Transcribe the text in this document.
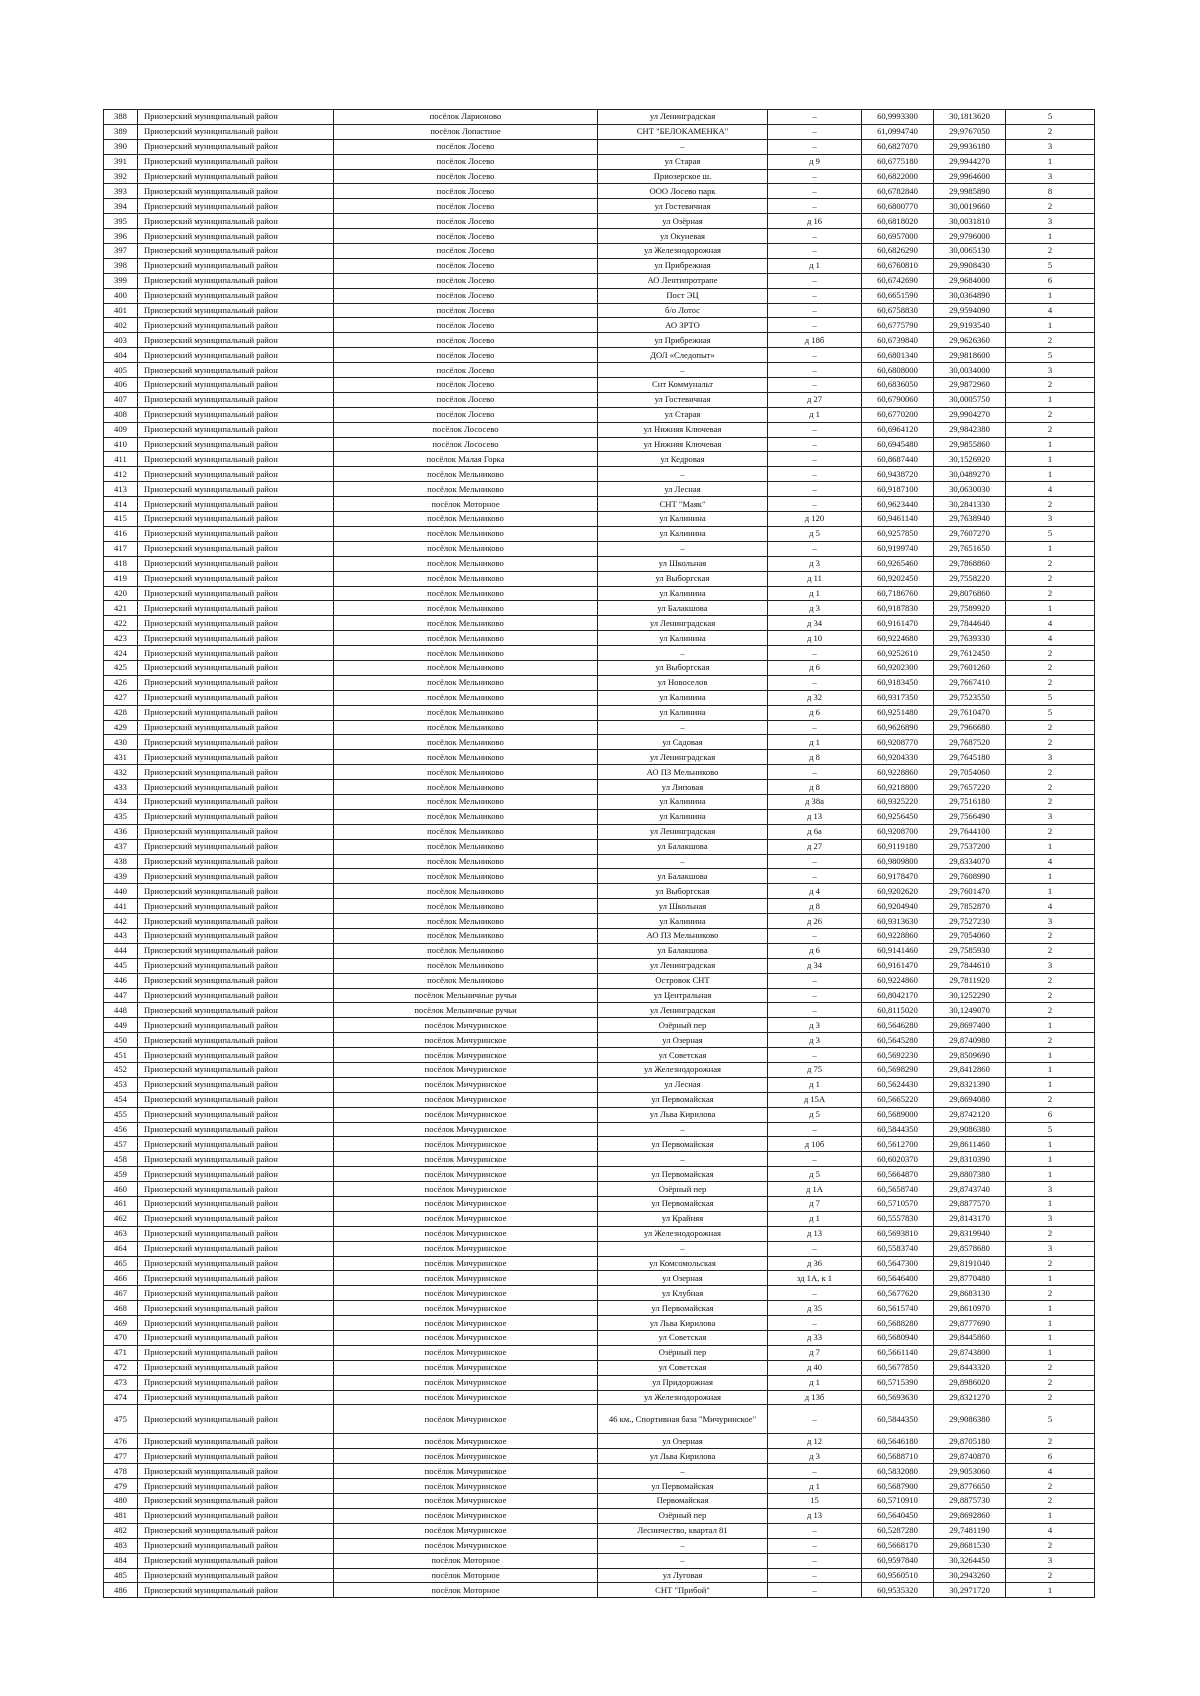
388	Приозерский муниципальный район	посёлок Ларионово	ул Ленинградская	–	60,9993300	30,1813620	5
389	Приозерский муниципальный район	посёлок Лопастное	СНТ "БЕЛОКАМЕНКА"	–	61,0994740	29,9767050	2
390	Приозерский муниципальный район	посёлок Лосево	–	–	60,6827070	29,9936180	3
391	Приозерский муниципальный район	посёлок Лосево	ул Старая	д 9	60,6775180	29,9944270	1
392	Приозерский муниципальный район	посёлок Лосево	Приозерское ш.	–	60,6822000	29,9964600	3
393	Приозерский муниципальный район	посёлок Лосево	ООО Лосево парк	–	60,6782840	29,9985890	8
394	Приозерский муниципальный район	посёлок Лосево	ул Гостевичная	–	60,6800770	30,0019660	2
395	Приозерский муниципальный район	посёлок Лосево	ул Озёрная	д 16	60,6818020	30,0031810	3
396	Приозерский муниципальный район	посёлок Лосево	ул Окуневая	–	60,6957000	29,9796000	1
397	Приозерский муниципальный район	посёлок Лосево	ул Железнодорожная	–	60,6826290	30,0065130	2
398	Приозерский муниципальный район	посёлок Лосево	ул Прибрежная	д 1	60,6760810	29,9908430	5
399	Приозерский муниципальный район	посёлок Лосево	АО Лентипротрапе	–	60,6742690	29,9684000	6
400	Приозерский муниципальный район	посёлок Лосево	Пост ЭЦ	–	60,6651590	30,0364890	1
401	Приозерский муниципальный район	посёлок Лосево	б/о Лотос	–	60,6758830	29,9594090	4
402	Приозерский муниципальный район	посёлок Лосево	АО ЗРТО	–	60,6775790	29,9193540	1
403	Приозерский муниципальный район	посёлок Лосево	ул Прибрежная	д 18б	60,6739840	29,9626360	2
404	Приозерский муниципальный район	посёлок Лосево	ДОЛ «Следопыт»	–	60,6801340	29,9818600	5
405	Приозерский муниципальный район	посёлок Лосево	–	–	60,6808000	30,0034000	3
406	Приозерский муниципальный район	посёлок Лосево	Снт Коммунальт	–	60,6836050	29,9872960	2
407	Приозерский муниципальный район	посёлок Лосево	ул Гостевичная	д 27	60,6790060	30,0005750	1
408	Приозерский муниципальный район	посёлок Лосево	ул Старая	д 1	60,6770200	29,9904270	2
409	Приозерский муниципальный район	посёлок Лососево	ул Нижняя Ключевая	–	60,6964120	29,9842380	2
410	Приозерский муниципальный район	посёлок Лососево	ул Нижняя Ключевая	–	60,6945480	29,9855860	1
411	Приозерский муниципальный район	посёлок Малая Горка	ул Кедровая	–	60,8687440	30,1526920	1
412	Приозерский муниципальный район	посёлок Мельниково	–	–	60,9438720	30,0489270	1
413	Приозерский муниципальный район	посёлок Мельниково	ул Лесная	–	60,9187100	30,0630030	4
414	Приозерский муниципальный район	посёлок Моторное	СНТ "Маяк"	–	60,9623440	30,2841330	2
415	Приозерский муниципальный район	посёлок Мельниково	ул Калинина	д 120	60,9461140	29,7638940	3
416	Приозерский муниципальный район	посёлок Мельниково	ул Калинина	д 5	60,9257850	29,7607270	5
417	Приозерский муниципальный район	посёлок Мельниково	–	–	60,9199740	29,7651650	1
418	Приозерский муниципальный район	посёлок Мельниково	ул Школьная	д 3	60,9265460	29,7868860	2
419	Приозерский муниципальный район	посёлок Мельниково	ул Выборгская	д 11	60,9202450	29,7558220	2
420	Приозерский муниципальный район	посёлок Мельниково	ул Калинина	д 1	60,7186760	29,8076860	2
421	Приозерский муниципальный район	посёлок Мельниково	ул Балакшова	д 3	60,9187830	29,7589920	1
422	Приозерский муниципальный район	посёлок Мельниково	ул Ленинградская	д 34	60,9161470	29,7844640	4
423	Приозерский муниципальный район	посёлок Мельниково	ул Калинина	д 10	60,9224680	29,7639330	4
424	Приозерский муниципальный район	посёлок Мельниково	–	–	60,9252610	29,7612450	2
425	Приозерский муниципальный район	посёлок Мельниково	ул Выборгская	д 6	60,9202300	29,7601260	2
426	Приозерский муниципальный район	посёлок Мельниково	ул Новоселов	–	60,9183450	29,7667410	2
427	Приозерский муниципальный район	посёлок Мельниково	ул Калинина	д 32	60,9317350	29,7523550	5
428	Приозерский муниципальный район	посёлок Мельниково	ул Калинина	д 6	60,9251480	29,7610470	5
429	Приозерский муниципальный район	посёлок Мельниково	–	–	60,9626890	29,7966680	2
430	Приозерский муниципальный район	посёлок Мельниково	ул Садовая	д 1	60,9208770	29,7687520	2
431	Приозерский муниципальный район	посёлок Мельниково	ул Ленинградская	д 8	60,9204330	29,7645180	3
432	Приозерский муниципальный район	посёлок Мельниково	АО ПЗ Мельниково	–	60,9228860	29,7054060	2
433	Приозерский муниципальный район	посёлок Мельниково	ул Липовая	д 8	60,9218800	29,7657220	2
434	Приозерский муниципальный район	посёлок Мельниково	ул Калинина	д 38а	60,9325220	29,7516180	2
435	Приозерский муниципальный район	посёлок Мельниково	ул Калинина	д 13	60,9256450	29,7566490	3
436	Приозерский муниципальный район	посёлок Мельниково	ул Ленинградская	д 6а	60,9208700	29,7644100	2
437	Приозерский муниципальный район	посёлок Мельниково	ул Балакшова	д 27	60,9119180	29,7537200	1
438	Приозерский муниципальный район	посёлок Мельниково	–	–	60,9809800	29,8334070	4
439	Приозерский муниципальный район	посёлок Мельниково	ул Балакшова	–	60,9178470	29,7608990	1
440	Приозерский муниципальный район	посёлок Мельниково	ул Выборгская	д 4	60,9202620	29,7601470	1
441	Приозерский муниципальный район	посёлок Мельниково	ул Школьная	д 8	60,9204940	29,7852870	4
442	Приозерский муниципальный район	посёлок Мельниково	ул Калинина	д 26	60,9313630	29,7527230	3
443	Приозерский муниципальный район	посёлок Мельниково	АО ПЗ Мельниково	–	60,9228860	29,7054060	2
444	Приозерский муниципальный район	посёлок Мельниково	ул Балакшова	д 6	60,9141460	29,7585930	2
445	Приозерский муниципальный район	посёлок Мельниково	ул Ленинградская	д 34	60,9161470	29,7844610	3
446	Приозерский муниципальный район	посёлок Мельниково	Островок СНТ	–	60,9224860	29,7811920	2
447	Приозерский муниципальный район	посёлок Мельничные ручьи	ул Центральная	–	60,8042170	30,1252290	2
448	Приозерский муниципальный район	посёлок Мельничные ручьи	ул Ленинградская	–	60,8115020	30,1249070	2
449	Приозерский муниципальный район	посёлок Мичуринское	Озёрный пер	д 3	60,5646280	29,8697400	1
450	Приозерский муниципальный район	посёлок Мичуринское	ул Озерная	д 3	60,5645280	29,8740980	2
451	Приозерский муниципальный район	посёлок Мичуринское	ул Советская	–	60,5692230	29,8509690	1
452	Приозерский муниципальный район	посёлок Мичуринское	ул Железнодорожная	д 75	60,5698290	29,8412860	1
453	Приозерский муниципальный район	посёлок Мичуринское	ул Лесная	д 1	60,5624430	29,8321390	1
454	Приозерский муниципальный район	посёлок Мичуринское	ул Первомайская	д 15А	60,5665220	29,8694080	2
455	Приозерский муниципальный район	посёлок Мичуринское	ул Льва Кирилова	д 5	60,5689000	29,8742120	6
456	Приозерский муниципальный район	посёлок Мичуринское	–	–	60,5844350	29,9086380	5
457	Приозерский муниципальный район	посёлок Мичуринское	ул Первомайская	д 10б	60,5612700	29,8611460	1
458	Приозерский муниципальный район	посёлок Мичуринское	–	–	60,6020370	29,8310390	1
459	Приозерский муниципальный район	посёлок Мичуринское	ул Первомайская	д 5	60,5664870	29,8807380	1
460	Приозерский муниципальный район	посёлок Мичуринское	Озёрный пер	д 1А	60,5658740	29,8743740	3
461	Приозерский муниципальный район	посёлок Мичуринское	ул Первомайская	д 7	60,5710570	29,8877570	1
462	Приозерский муниципальный район	посёлок Мичуринское	ул Крайняя	д 1	60,5557830	29,8143170	3
463	Приозерский муниципальный район	посёлок Мичуринское	ул Железнодорожная	д 13	60,5693810	29,8319940	2
464	Приозерский муниципальный район	посёлок Мичуринское	–	–	60,5583740	29,8578680	3
465	Приозерский муниципальный район	посёлок Мичуринское	ул Комсомольская	д 36	60,5647300	29,8191040	2
466	Приозерский муниципальный район	посёлок Мичуринское	ул Озерная	зд 1А, к 1	60,5646400	29,8770480	1
467	Приозерский муниципальный район	посёлок Мичуринское	ул Клубная	–	60,5677620	29,8683130	2
468	Приозерский муниципальный район	посёлок Мичуринское	ул Первомайская	д 35	60,5615740	29,8610970	1
469	Приозерский муниципальный район	посёлок Мичуринское	ул Льва Кирилова	–	60,5688280	29,8777690	1
470	Приозерский муниципальный район	посёлок Мичуринское	ул Советская	д 33	60,5680940	29,8445860	1
471	Приозерский муниципальный район	посёлок Мичуринское	Озёрный пер	д 7	60,5661140	29,8743800	1
472	Приозерский муниципальный район	посёлок Мичуринское	ул Советская	д 40	60,5677850	29,8443320	2
473	Приозерский муниципальный район	посёлок Мичуринское	ул Придорожная	д 1	60,5715390	29,8986020	2
474	Приозерский муниципальный район	посёлок Мичуринское	ул Железнодорожная	д 13б	60,5693630	29,8321270	2
475	Приозерский муниципальный район	посёлок Мичуринское	46 км., Спортивная база "Мичуринское"	–	60,5844350	29,9086380	5
476	Приозерский муниципальный район	посёлок Мичуринское	ул Озерная	д 12	60,5646180	29,8705180	2
477	Приозерский муниципальный район	посёлок Мичуринское	ул Льва Кирилова	д 3	60,5688710	29,8740870	6
478	Приозерский муниципальный район	посёлок Мичуринское	–	–	60,5832080	29,9053060	4
479	Приозерский муниципальный район	посёлок Мичуринское	ул Первомайская	д 1	60,5687900	29,8776650	2
480	Приозерский муниципальный район	посёлок Мичуринское	Первомайская	15	60,5710910	29,8875730	2
481	Приозерский муниципальный район	посёлок Мичуринское	Озёрный пер	д 13	60,5640450	29,8692860	1
482	Приозерский муниципальный район	посёлок Мичуринское	Лесничество, квартал 81	–	60,5287280	29,7481190	4
483	Приозерский муниципальный район	посёлок Мичуринское	–	–	60,5668170	29,8681530	2
484	Приозерский муниципальный район	посёлок Моторное	–	–	60,9597840	30,3264450	3
485	Приозерский муниципальный район	посёлок Моторное	ул Луговая	–	60,9560510	30,2943260	2
486	Приозерский муниципальный район	посёлок Моторное	СНТ "Прибой"	–	60,9535320	30,2971720	1
